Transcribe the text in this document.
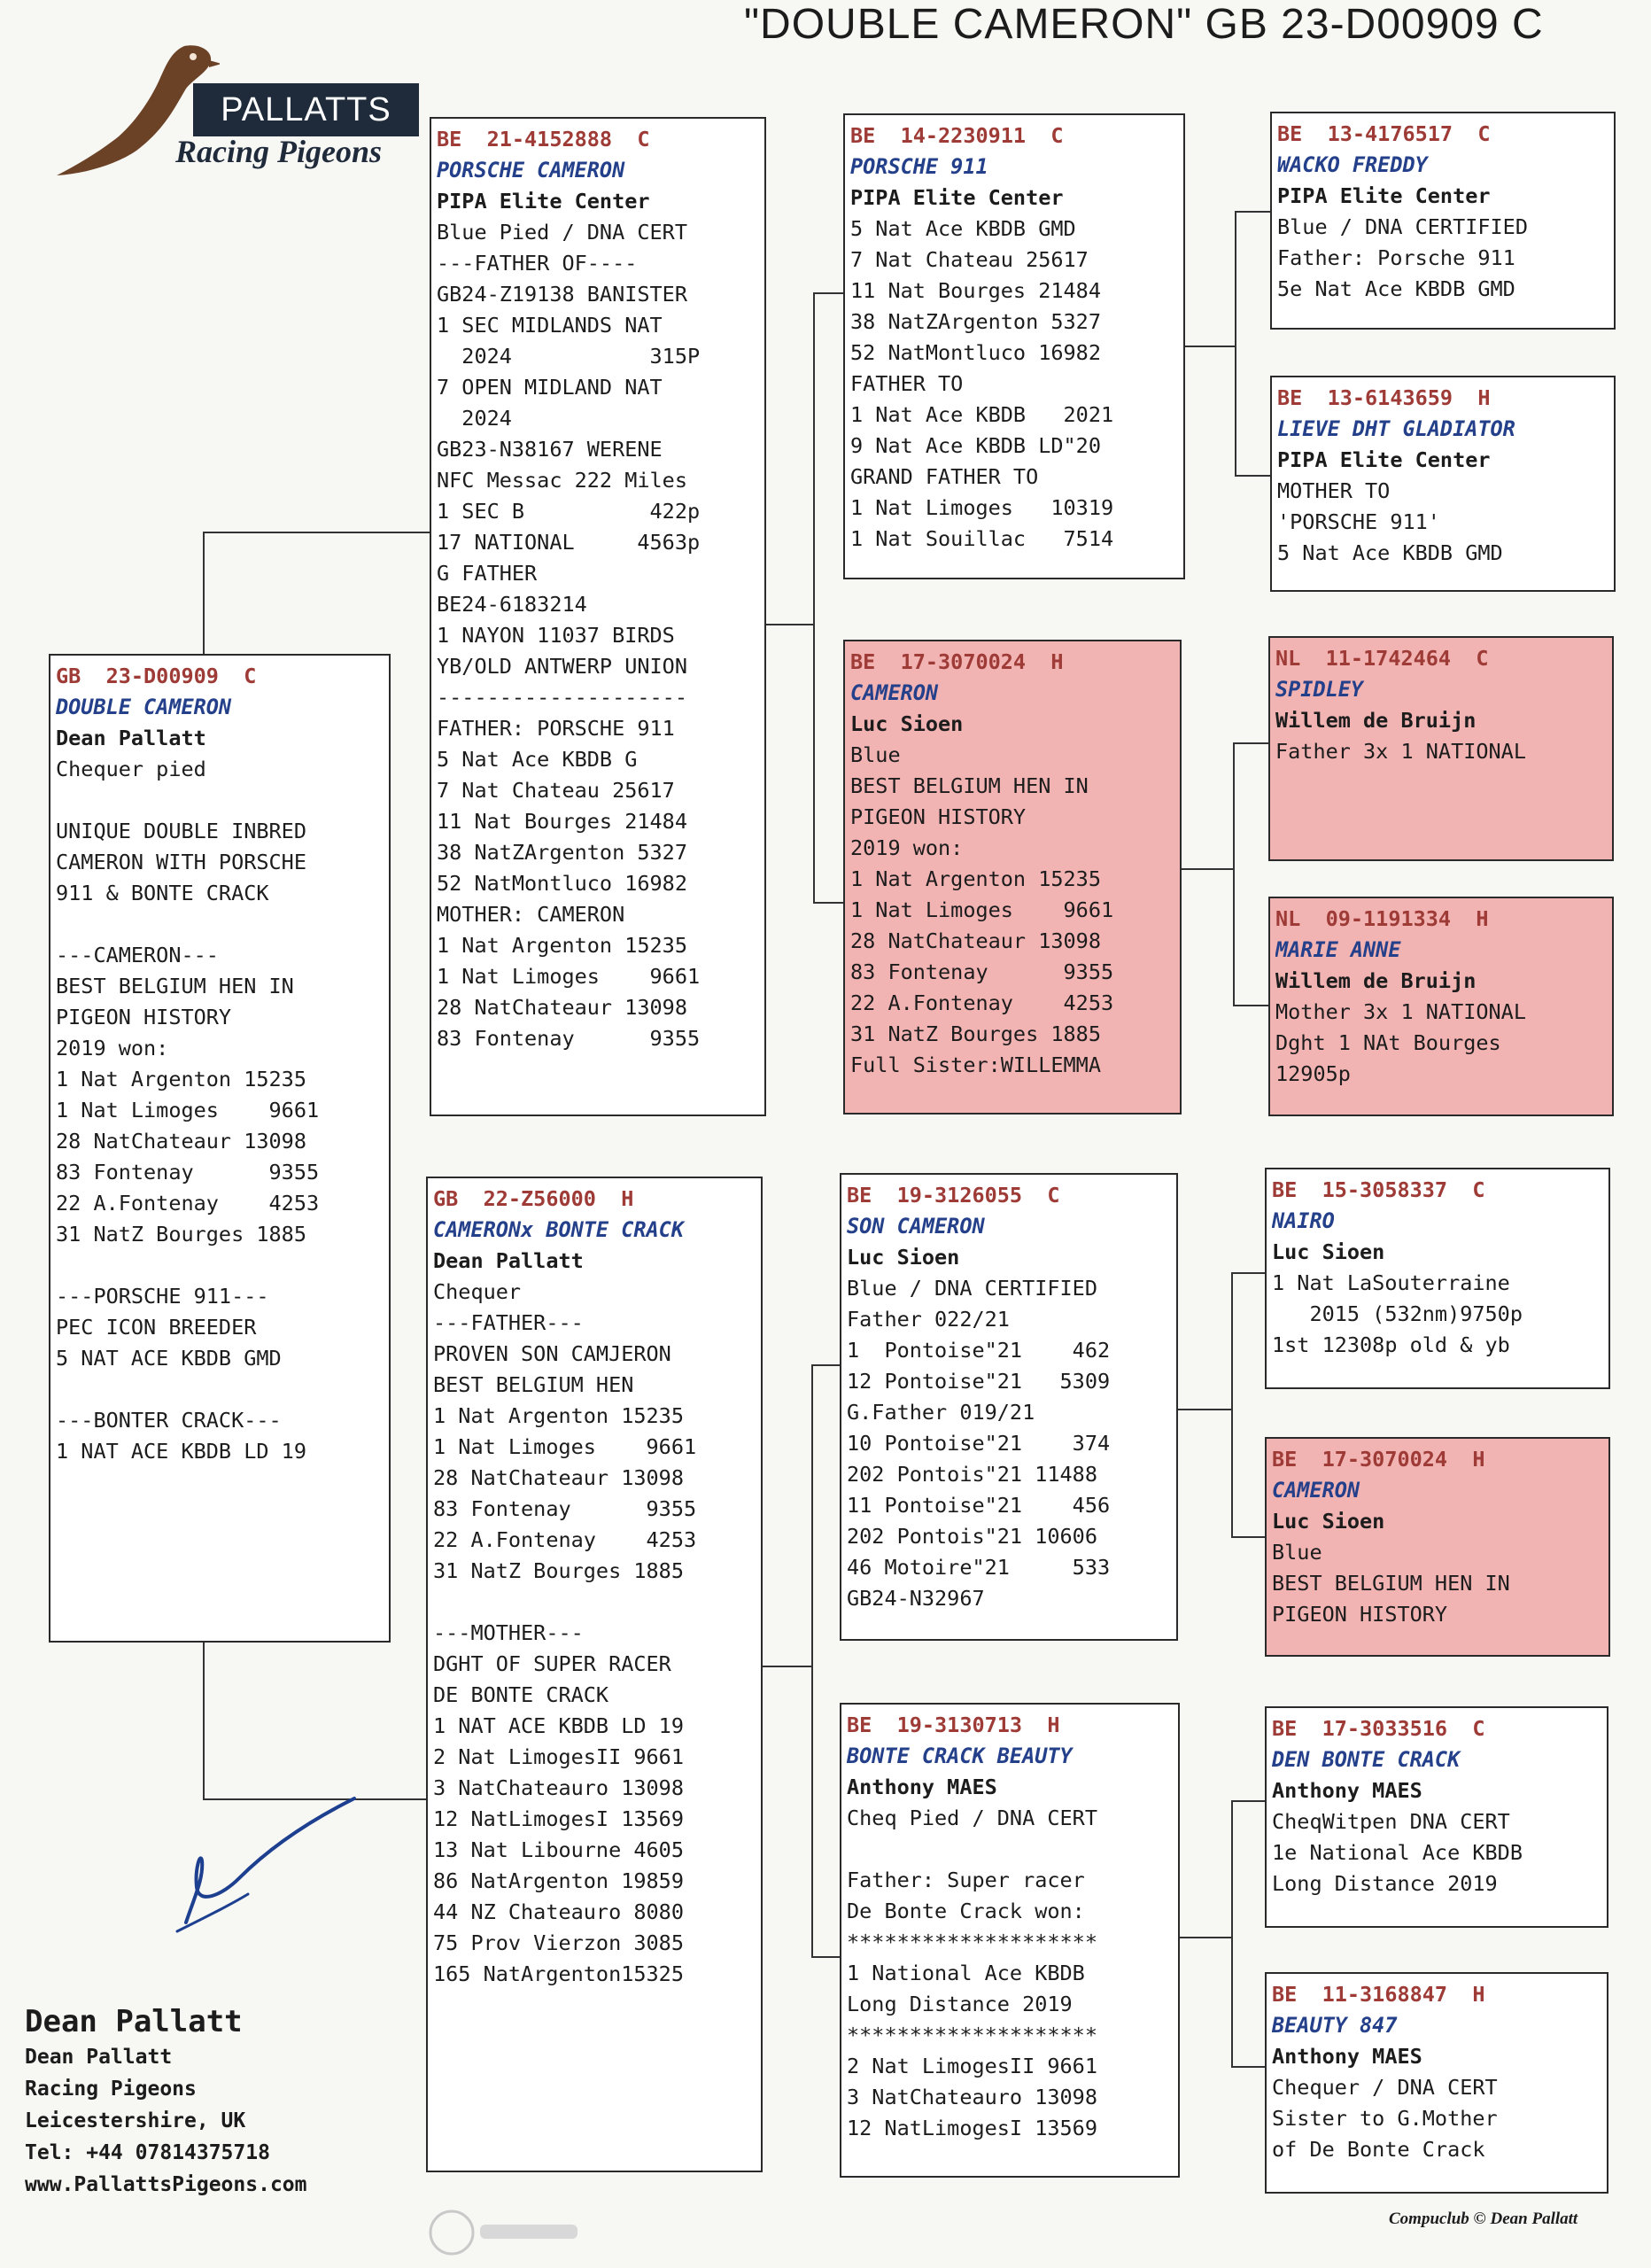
"DOUBLE CAMERON" GB 23-D00909 C
PALLATTS
Racing Pigeons
GB  23-D00909  C
DOUBLE CAMERON
Dean Pallatt
Chequer pied

UNIQUE DOUBLE INBRED
CAMERON WITH PORSCHE
911 & BONTE CRACK

---CAMERON---
BEST BELGIUM HEN IN
PIGEON HISTORY
2019 won:
1 Nat Argenton 15235
1 Nat Limoges    9661
28 NatChateaur 13098
83 Fontenay      9355
22 A.Fontenay    4253
31 NatZ Bourges 1885

---PORSCHE 911---
PEC ICON BREEDER
5 NAT ACE KBDB GMD

---BONTER CRACK---
1 NAT ACE KBDB LD 19
BE  21-4152888  C
PORSCHE CAMERON
PIPA Elite Center
Blue Pied / DNA CERT
---FATHER OF----
GB24-Z19138 BANISTER
1 SEC MIDLANDS NAT
2024           315P
7 OPEN MIDLAND NAT
2024
GB23-N38167 WERENE
NFC Messac 222 Miles
1 SEC B          422p
17 NATIONAL     4563p
G FATHER
BE24-6183214
1 NAYON 11037 BIRDS
YB/OLD ANTWERP UNION
--------------------
FATHER: PORSCHE 911
5 Nat Ace KBDB G
7 Nat Chateau 25617
11 Nat Bourges 21484
38 NatZArgenton 5327
52 NatMontluco 16982
MOTHER: CAMERON
1 Nat Argenton 15235
1 Nat Limoges    9661
28 NatChateaur 13098
83 Fontenay      9355
GB  22-Z56000  H
CAMERONx BONTE CRACK
Dean Pallatt
Chequer
---FATHER---
PROVEN SON CAMJERON
BEST BELGIUM HEN
1 Nat Argenton 15235
1 Nat Limoges    9661
28 NatChateaur 13098
83 Fontenay      9355
22 A.Fontenay    4253
31 NatZ Bourges 1885

---MOTHER---
DGHT OF SUPER RACER
DE BONTE CRACK
1 NAT ACE KBDB LD 19
2 Nat LimogesII 9661
3 NatChateauro 13098
12 NatLimogesI 13569
13 Nat Libourne 4605
86 NatArgenton 19859
44 NZ Chateauro 8080
75 Prov Vierzon 3085
165 NatArgenton15325
BE  14-2230911  C
PORSCHE 911
PIPA Elite Center
5 Nat Ace KBDB GMD
7 Nat Chateau 25617
11 Nat Bourges 21484
38 NatZArgenton 5327
52 NatMontluco 16982
FATHER TO
1 Nat Ace KBDB   2021
9 Nat Ace KBDB LD"20
GRAND FATHER TO
1 Nat Limoges   10319
1 Nat Souillac   7514
BE  17-3070024  H
CAMERON
Luc Sioen
Blue
BEST BELGIUM HEN IN
PIGEON HISTORY
2019 won:
1 Nat Argenton 15235
1 Nat Limoges    9661
28 NatChateaur 13098
83 Fontenay      9355
22 A.Fontenay    4253
31 NatZ Bourges 1885
Full Sister:WILLEMMA
BE  19-3126055  C
SON CAMERON
Luc Sioen
Blue / DNA CERTIFIED
Father 022/21
1  Pontoise"21    462
12 Pontoise"21   5309
G.Father 019/21
10 Pontoise"21    374
202 Pontois"21 11488
11 Pontoise"21    456
202 Pontois"21 10606
46 Motoire"21     533
GB24-N32967
BE  19-3130713  H
BONTE CRACK BEAUTY
Anthony MAES
Cheq Pied / DNA CERT

Father: Super racer
De Bonte Crack won:
********************
1 National Ace KBDB
Long Distance 2019
********************
2 Nat LimogesII 9661
3 NatChateauro 13098
12 NatLimogesI 13569
BE  13-4176517  C
WACKO FREDDY
PIPA Elite Center
Blue / DNA CERTIFIED
Father: Porsche 911
5e Nat Ace KBDB GMD
BE  13-6143659  H
LIEVE DHT GLADIATOR
PIPA Elite Center
MOTHER TO
'PORSCHE 911'
5 Nat Ace KBDB GMD
NL  11-1742464  C
SPIDLEY
Willem de Bruijn
Father 3x 1 NATIONAL
NL  09-1191334  H
MARIE ANNE
Willem de Bruijn
Mother 3x 1 NATIONAL
Dght 1 NAt Bourges
12905p
BE  15-3058337  C
NAIRO
Luc Sioen
1 Nat LaSouterraine
2015 (532nm)9750p
1st 12308p old & yb
BE  17-3070024  H
CAMERON
Luc Sioen
Blue
BEST BELGIUM HEN IN
PIGEON HISTORY
BE  17-3033516  C
DEN BONTE CRACK
Anthony MAES
CheqWitpen DNA CERT
1e National Ace KBDB
Long Distance 2019
BE  11-3168847  H
BEAUTY 847
Anthony MAES
Chequer / DNA CERT
Sister to G.Mother
of De Bonte Crack
Dean Pallatt
Dean Pallatt
Racing Pigeons
Leicestershire, UK
Tel: +44 07814375718
www.PallattsPigeons.com
Compuclub © Dean Pallatt
